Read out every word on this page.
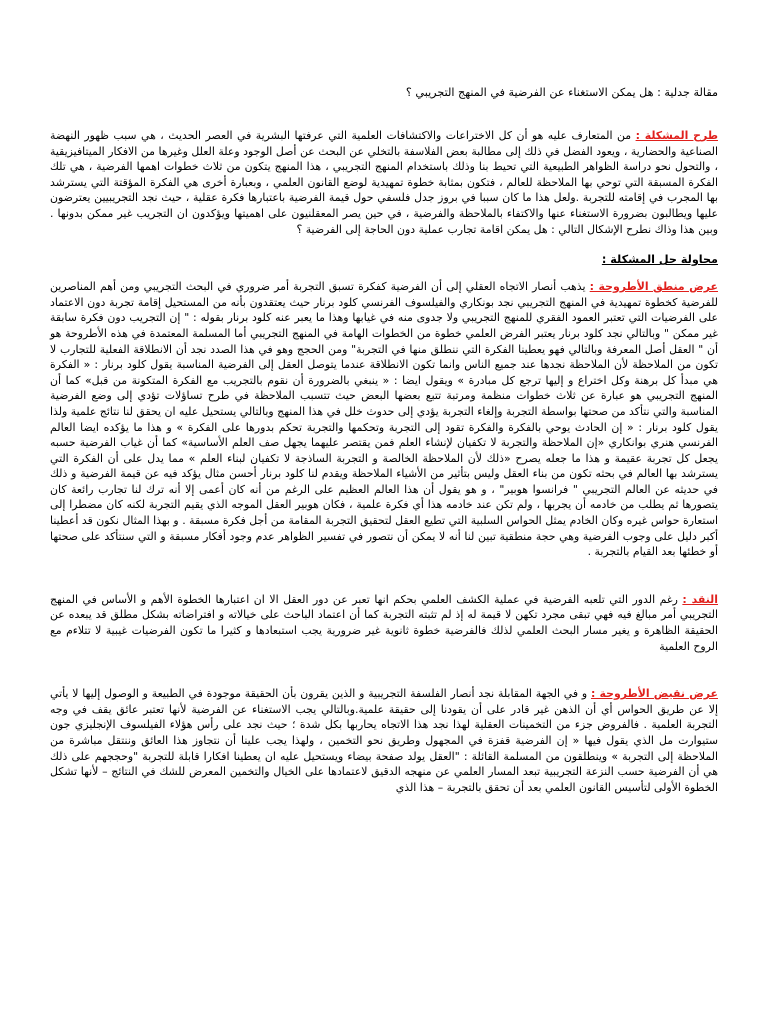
مقالة جدلية : هل يمكن الاستغناء عن الفرضية في المنهج التجريبي ؟

طرح المشكلة : من المتعارف عليه هو أن كل الاختراعات والاكتشافات العلمية التي عرفتها البشرية في العصر الحديث ، هي سبب ظهور النهضة الصناعية والحضارية ، ويعود الفضل في ذلك إلى مطالبة بعض الفلاسفة بالتخلي عن البحث عن أصل الوجود وعلة العلل وغيرها من الافكار الميتافيزيقية ، والتحول نحو دراسة الظواهر الطبيعية التي تحيط بنا وذلك باستخدام المنهج التجريبي ، هذا المنهج يتكون من ثلاث خطوات اهمها الفرضية ، هي تلك الفكرة المسبقة التي توحي بها الملاحظة للعالم ، فتكون بمثابة خطوة تمهيدية لوضع القانون العلمي ، وبعبارة أخرى هي الفكرة المؤقتة التي يسترشد بها المجرب في إقامته للتجربة .ولعل هذا ما كان سببا في بروز جدل فلسفي حول قيمة الفرضية باعتبارها فكرة عقلية ، حيث نجد التجريبيين يعترضون عليها ويطالبون بضرورة الاستغناء عنها والاكتفاء بالملاحظة والفرضية ، في حين يصر المعقلنيون على اهميتها ويؤكدون ان التجريب غير ممكن بدونها . وبين هذا وذاك نطرح الإشكال التالي : هل يمكن اقامة تجارب عملية دون الحاجة إلى الفرضية ؟

محاولة حل المشكلة :

عرض منطق الأطروحة : يذهب أنصار الاتجاه العقلي إلى أن الفرضية كفكرة تسبق التجربة أمر ضروري في البحث التجريبي ومن أهم المناصرين للفرضية كخطوة تمهيدية في المنهج التجريبي نجد بونكاري والفيلسوف الفرنسي كلود برنار حيث يعتقدون بأنه من المستحيل إقامة تجربة دون الاعتماد على الفرضيات التي تعتبر العمود الفقري للمنهج التجريبي ولا جدوى منه في غيابها وهذا ما يعبر عنه كلود برنار بقوله : " إن التجريب دون فكرة سابقة غير ممكن " وبالتالي نجد كلود برنار يعتبر الفرض العلمي خطوة من الخطوات الهامة في المنهج التجريبي أما المسلمة المعتمدة في هذه الأطروحة هو أن " العقل أصل المعرفة وبالتالي فهو يعطينا الفكرة التي ننطلق منها في التجربة" ومن الحجج وهو في هذا الصدد نجد أن الانطلاقة الفعلية للتجارب لا تكون من الملاحظة لأن الملاحظة نجدها عند جميع الناس وانما تكون الانطلاقة عندما يتوصل العقل إلى الفرضية المناسبة يقول كلود برنار : « الفكرة هي مبدأ كل برهنة وكل اختراع و إليها ترجع كل مبادرة » ويقول ايضا : « ينبغي بالضرورة أن نقوم بالتجريب مع الفكرة المتكونة من قبل» كما أن المنهج التجريبي هو عبارة عن ثلاث خطوات منظمة ومرتبة تتبع بعضها البعض حيث تتسبب الملاحظة في طرح تساؤلات تؤدي إلى وضع الفرضية المناسبة والتي نتأكد من صحتها بواسطة التجربة وإلغاء التجربة يؤدي إلى حدوث خلل في هذا المنهج وبالتالي يستحيل عليه ان يحقق لنا نتائج علمية ولذا يقول كلود برنار : « إن الحادث يوحي بالفكرة والفكرة تقود إلى التجربة وتحكمها والتجربة تحكم بدورها على الفكرة » و هذا ما يؤكده ايضا العالم الفرنسي هنري بوانكاري «إن الملاحظة والتجربة لا تكفيان لإنشاء العلم فمن يقتصر عليهما يجهل صف العلم الأساسية» كما أن غياب الفرضية حسبه يجعل كل تجربة عقيمة و هذا ما جعله يصرح «ذلك لأن الملاحظة الخالصة و التجربة الساذجة لا تكفيان لبناء العلم » مما يدل على أن الفكرة التي يسترشد بها العالم في بحثه تكون من بناء العقل وليس بتأثير من الأشياء الملاحظة ويقدم لنا كلود برنار أحسن مثال يؤكد فيه عن قيمة الفرضية و ذلك في حديثه عن العالم التجريبي " فرانسوا هوبير" ، و هو يقول أن هذا العالم العظيم على الرغم من أنه كان أعمى إلا أنه ترك لنا تجارب رائعة كان يتصورها ثم يطلب من خادمه أن يجربها ، ولم تكن عند خادمه هذا أي فكرة علمية ، فكان هوبير العقل الموجه الذي يقيم التجربة لكنه كان مضطرا إلى استعارة حواس غيره وكان الخادم يمثل الحواس السلبية التي تطيع العقل لتحقيق التجربة المقامة من أجل فكرة مسبقة . و بهذا المثال نكون قد أعطينا أكبر دليل على وجوب الفرضية وهي حجة منطقية تبين لنا أنه لا يمكن أن نتصور في تفسير الظواهر عدم وجود أفكار مسبقة و التي سنتأكد على صحتها أو خطئها بعد القيام بالتجربة .

النقد : رغم الدور التي تلعبه الفرضية في عملية الكشف العلمي بحكم انها تعبر عن دور العقل الا ان اعتبارها الخطوة الأهم و الأساس في المنهج التجريبي أمر مبالغ فيه فهي تبقى مجرد تكهن لا قيمة له إذ لم تثبته التجربة كما أن اعتماد الباحث على خيالاته و افتراضاته بشكل مطلق قد يبعده عن الحقيقة الظاهرة و يغير مسار البحث العلمي لذلك فالفرضية خطوة ثانوية غير ضرورية يجب استبعادها و كثيرا ما تكون الفرضيات غيبية لا تتلاءم مع الروح العلمية

عرض نقيض الأطروحة : و في الجهة المقابلة نجد أنصار الفلسفة التجريبية و الذين يقرون بأن الحقيقة موجودة في الطبيعة و الوصول إليها لا يأتي إلا عن طريق الحواس أي أن الذهن غير قادر على أن يقودنا إلى حقيقة علمية.وبالتالي يجب الاستغناء عن الفرضية لأنها تعتبر عائق يقف في وجه التجربة العلمية . فالفروض جزء من التخمينات العقلية لهذا نجد هذا الاتجاه يحاربها بكل شدة ؛ حيث نجد على رأس هؤلاء الفيلسوف الإنجليزي جون ستيوارت مل الذي يقول فيها « إن الفرضية قفزة في المجهول وطريق نحو التخمين ، ولهذا يجب علينا أن نتجاوز هذا العائق وننتقل مباشرة من الملاحظة إلى التجربة » وينطلقون من المسلمة القائلة : "العقل يولد صفحة بيضاء ويستحيل عليه ان يعطينا افكارا قابلة للتجربة "وحججهم على ذلك هي أن الفرضية حسب النزعة التجريبية تبعد المسار العلمي عن منهجه الدقيق لاعتمادها على الخيال والتخمين المعرض للشك في النتائج – لأنها تشكل الخطوة الأولى لتأسيس القانون العلمي بعد أن تحقق بالتجربة – هذا الذي
